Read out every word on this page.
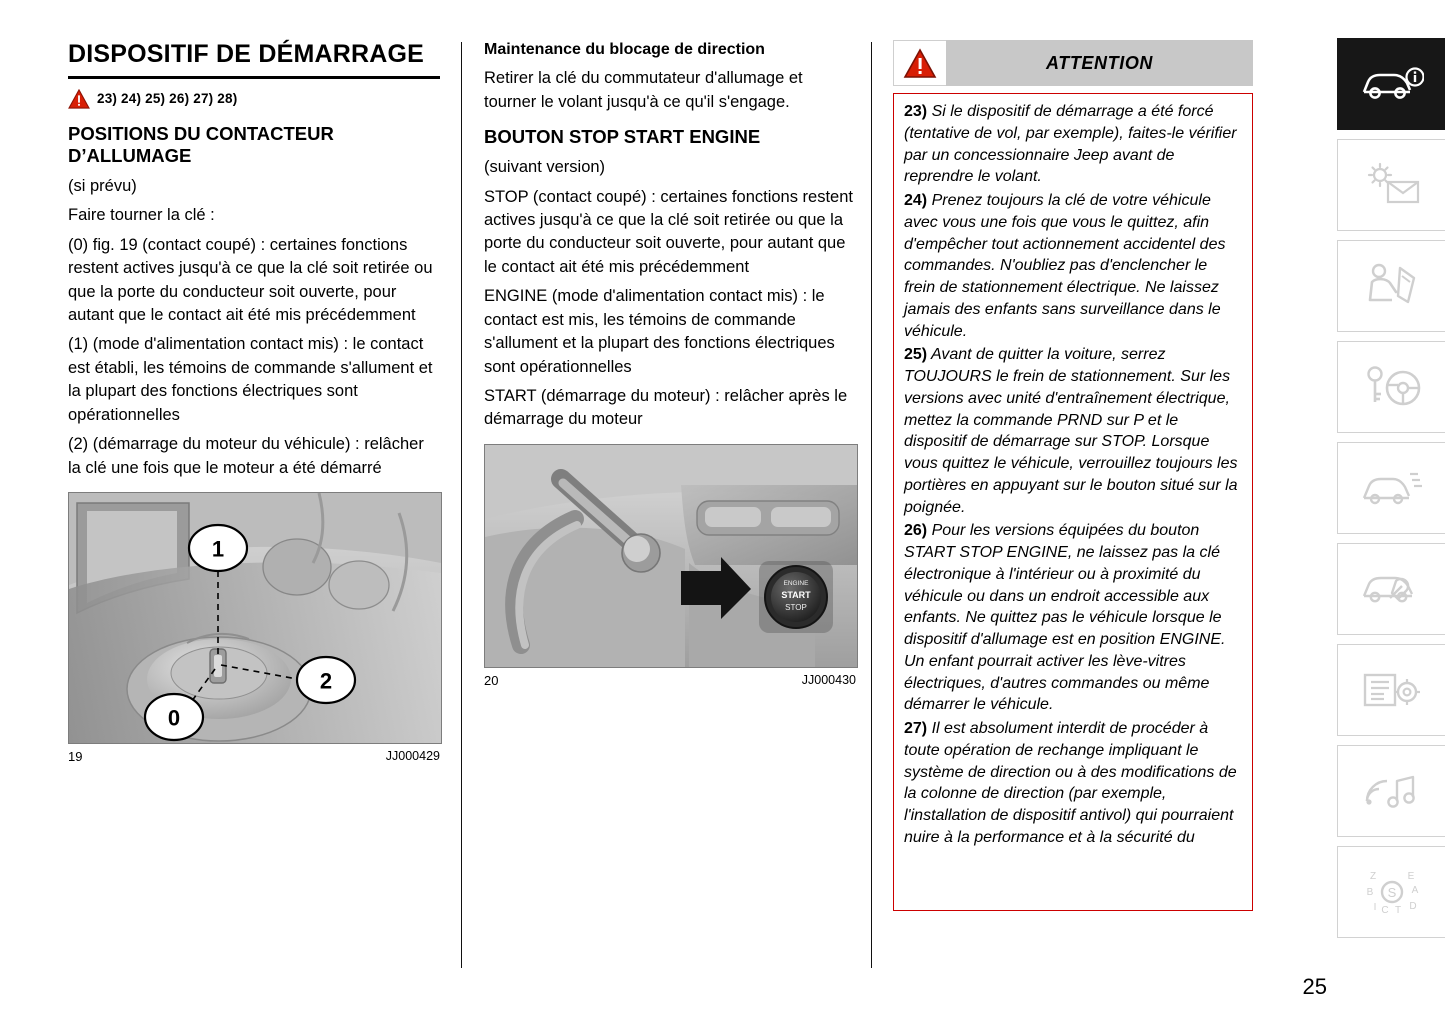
DISPOSITIF DE DÉMARRAGE
23) 24) 25) 26) 27) 28)
POSITIONS DU CONTACTEUR D’ALLUMAGE

(si prévu)

Faire tourner la clé :

(0) fig. 19 (contact coupé) : certaines fonctions restent actives jusqu'à ce que la clé soit retirée ou que la porte du conducteur soit ouverte, pour autant que le contact ait été mis précédemment

(1) (mode d'alimentation contact mis) : le contact est établi, les témoins de commande s'allument et la plupart des fonctions électriques sont opérationnelles

(2) (démarrage du moteur du véhicule) : relâcher la clé une fois que le moteur a été démarré

1
2
0
19	JJ000429
Maintenance du blocage de direction

Retirer la clé du commutateur d'allumage et tourner le volant jusqu'à ce qu'il s'engage.

BOUTON STOP START ENGINE

(suivant version)

STOP (contact coupé) : certaines fonctions restent actives jusqu'à ce que la clé soit retirée ou que la porte du conducteur soit ouverte, pour autant que le contact ait été mis précédemment

ENGINE (mode d'alimentation contact mis) : le contact est mis, les témoins de commande s'allument et la plupart des fonctions électriques sont opérationnelles

START (démarrage du moteur) : relâcher après le démarrage du moteur

ENGINE
START
STOP
20	JJ000430
ATTENTION

23) Si le dispositif de démarrage a été forcé (tentative de vol, par exemple), faites-le vérifier par un concessionnaire Jeep avant de reprendre le volant.

24) Prenez toujours la clé de votre véhicule avec vous une fois que vous le quittez, afin d'empêcher tout actionnement accidentel des commandes. N'oubliez pas d'enclencher le frein de stationnement électrique. Ne laissez jamais des enfants sans surveillance dans le véhicule.

25) Avant de quitter la voiture, serrez TOUJOURS le frein de stationnement. Sur les versions avec unité d'entraînement électrique, mettez la commande PRND sur P et le dispositif de démarrage sur STOP. Lorsque vous quittez le véhicule, verrouillez toujours les portières en appuyant sur le bouton situé sur la poignée.

26) Pour les versions équipées du bouton START STOP ENGINE, ne laissez pas la clé électronique à l'intérieur ou à proximité du véhicule ou dans un endroit accessible aux enfants. Ne quittez pas le véhicule lorsque le dispositif d'allumage est en position ENGINE. Un enfant pourrait activer les lève-vitres électriques, d'autres commandes ou même démarrer le véhicule.

27) Il est absolument interdit de procéder à toute opération de rechange impliquant le système de direction ou à des modifications de la colonne de direction (par exemple, l'installation de dispositif antivol) qui pourraient nuire à la performance et à la sécurité du

S
Z	E
B	A
I C T D
25
